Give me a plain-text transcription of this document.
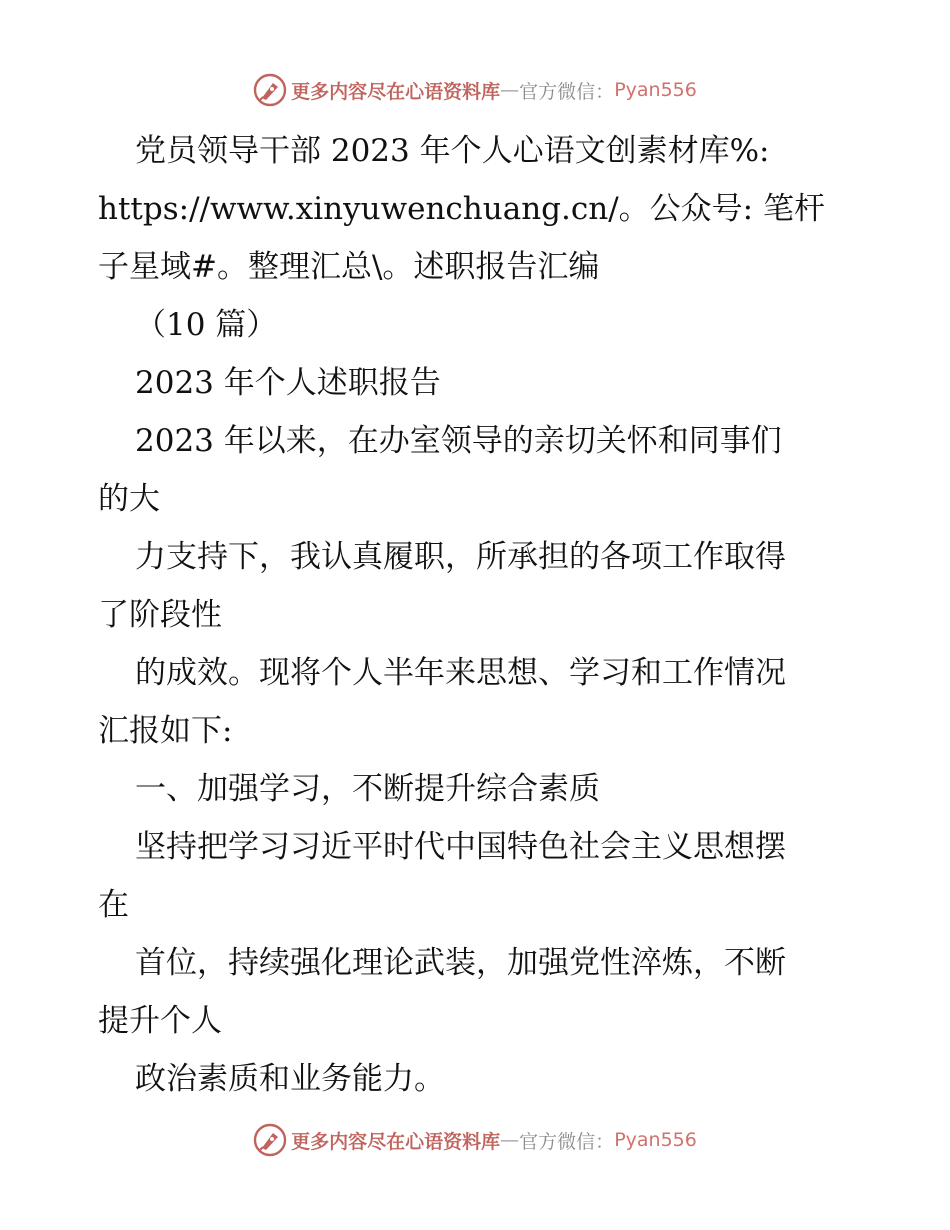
更多内容尽在心语资料库 — 官方微信： Pyan556

党员领导干部 2023 年个人心语文创素材库%:

https://www.xinyuwenchuang.cn/。公众号: 笔杆

子星域#。整理汇总\。述职报告汇编

（10 篇）

2023 年个人述职报告

2023 年以来，在办室领导的亲切关怀和同事们

的大

力支持下，我认真履职，所承担的各项工作取得

了阶段性

的成效。现将个人半年来思想、学习和工作情况

汇报如下:

一、加强学习，不断提升综合素质

坚持把学习习近平时代中国特色社会主义思想摆

在

首位，持续强化理论武装，加强党性淬炼，不断

提升个人

政治素质和业务能力。

更多内容尽在心语资料库 — 官方微信： Pyan556
